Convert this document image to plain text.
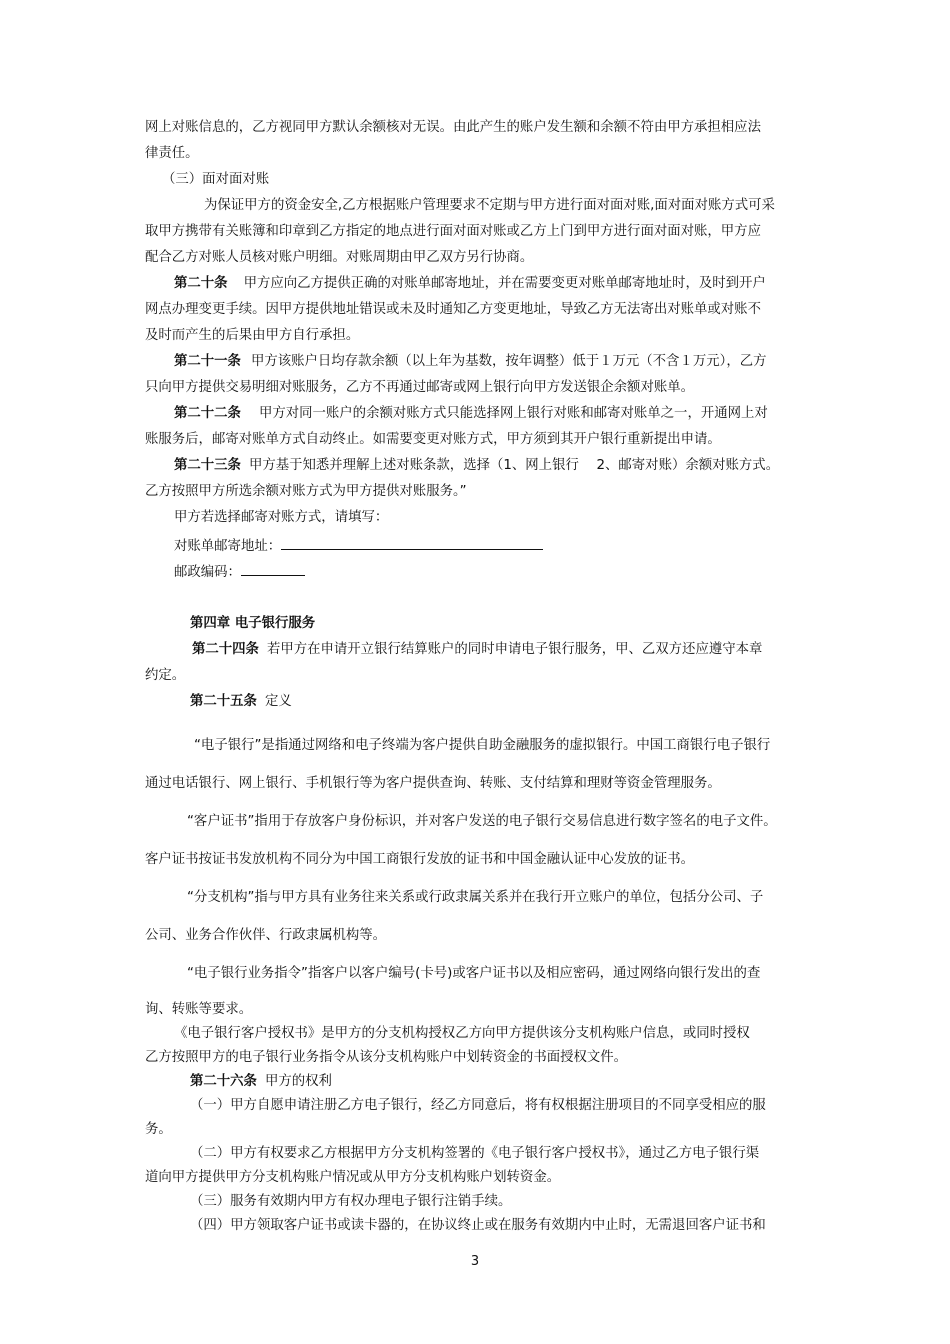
网上对账信息的，乙方视同甲方默认余额核对无误。由此产生的账户发生额和余额不符由甲方承担相应法
律责任。
（三）面对面对账
为保证甲方的资金安全,乙方根据账户管理要求不定期与甲方进行面对面对账,面对面对账方式可采
取甲方携带有关账簿和印章到乙方指定的地点进行面对面对账或乙方上门到甲方进行面对面对账，甲方应
配合乙方对账人员核对账户明细。对账周期由甲乙双方另行协商。
第二十条 甲方应向乙方提供正确的对账单邮寄地址，并在需要变更对账单邮寄地址时，及时到开户
网点办理变更手续。因甲方提供地址错误或未及时通知乙方变更地址，导致乙方无法寄出对账单或对账不
及时而产生的后果由甲方自行承担。
第二十一条 甲方该账户日均存款余额（以上年为基数，按年调整）低于１万元（不含１万元），乙方
只向甲方提供交易明细对账服务，乙方不再通过邮寄或网上银行向甲方发送银企余额对账单。
第二十二条 甲方对同一账户的余额对账方式只能选择网上银行对账和邮寄对账单之一，开通网上对
账服务后，邮寄对账单方式自动终止。如需要变更对账方式，甲方须到其开户银行重新提出申请。
第二十三条 甲方基于知悉并理解上述对账条款，选择（1、网上银行　 2、邮寄对账）余额对账方式。
乙方按照甲方所选余额对账方式为甲方提供对账服务。”
甲方若选择邮寄对账方式，请填写：
对账单邮寄地址：
邮政编码：
第四章 电子银行服务
第二十四条 若甲方在申请开立银行结算账户的同时申请电子银行服务，甲、乙双方还应遵守本章
约定。
第二十五条 定义
“电子银行”是指通过网络和电子终端为客户提供自助金融服务的虚拟银行。中国工商银行电子银行
通过电话银行、网上银行、手机银行等为客户提供查询、转账、支付结算和理财等资金管理服务。
“客户证书”指用于存放客户身份标识，并对客户发送的电子银行交易信息进行数字签名的电子文件。
客户证书按证书发放机构不同分为中国工商银行发放的证书和中国金融认证中心发放的证书。
“分支机构”指与甲方具有业务往来关系或行政隶属关系并在我行开立账户的单位，包括分公司、子
公司、业务合作伙伴、行政隶属机构等。
“电子银行业务指令”指客户以客户编号(卡号)或客户证书以及相应密码，通过网络向银行发出的查
询、转账等要求。
《电子银行客户授权书》是甲方的分支机构授权乙方向甲方提供该分支机构账户信息，或同时授权
乙方按照甲方的电子银行业务指令从该分支机构账户中划转资金的书面授权文件。
第二十六条 甲方的权利
（一）甲方自愿申请注册乙方电子银行，经乙方同意后，将有权根据注册项目的不同享受相应的服
务。
（二）甲方有权要求乙方根据甲方分支机构签署的《电子银行客户授权书》，通过乙方电子银行渠
道向甲方提供甲方分支机构账户情况或从甲方分支机构账户划转资金。
（三）服务有效期内甲方有权办理电子银行注销手续。
（四）甲方领取客户证书或读卡器的，在协议终止或在服务有效期内中止时，无需退回客户证书和
3
